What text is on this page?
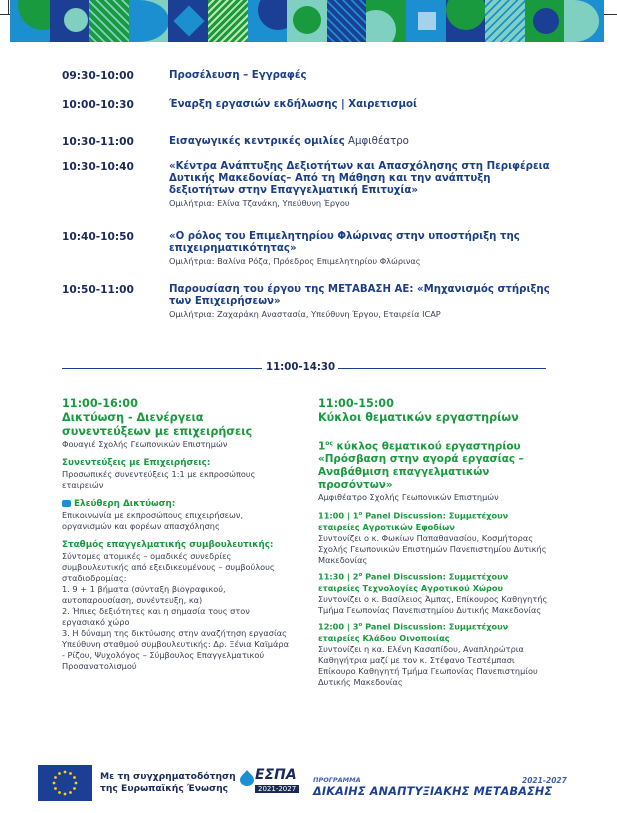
09:30-10:00	Προσέλευση – Εγγραφές
10:00-10:30	Έναρξη εργασιών εκδήλωσης | Χαιρετισμοί
10:30-11:00	Εισαγωγικές κεντρικές ομιλίες Αμφιθέατρο
10:30-10:40	«Κέντρα Ανάπτυξης Δεξιοτήτων και Απασχόλησης στη Περιφέρεια Δυτικής Μακεδονίας– Από τη Μάθηση και την ανάπτυξη δεξιοτήτων στην Επαγγελματική Επιτυχία»
Ομιλήτρια: Ελίνα Τζανάκη, Υπεύθυνη Έργου
10:40-10:50	«Ο ρόλος του Επιμελητηρίου Φλώρινας στην υποστήριξη της επιχειρηματικότητας»
Ομιλήτρια: Βαλίνα Ρόζα, Πρόεδρος Επιμελητηρίου Φλώρινας
10:50-11:00	Παρουσίαση του έργου της ΜΕΤΑΒΑΣΗ ΑΕ: «Μηχανισμός στήριξης των Επιχειρήσεων»
Ομιλήτρια: Ζαχαράκη Αναστασία, Υπεύθυνη Έργου, Εταιρεία ICAP
11:00-14:30
11:00-16:00
Δικτύωση - Διενέργεια συνεντεύξεων με επιχειρήσεις
Φουαγιέ Σχολής Γεωπονικών Επιστημών
Συνεντεύξεις με Επιχειρήσεις:
Προσωπικές συνεντεύξεις 1:1 με εκπροσώπους εταιρειών
Ελεύθερη Δικτύωση:
Επικοινωνία με εκπροσώπους επιχειρήσεων, οργανισμών και φορέων απασχόλησης
Σταθμός επαγγελματικής συμβουλευτικής:
Σύντομες ατομικές – ομαδικές συνεδρίες συμβουλευτικής από εξειδικευμένους – συμβούλους σταδιοδρομίας:
1. 9 + 1 βήματα (σύνταξη βιογραφικού, αυτοπαρουσίαση, συνέντευξη, κα)
2. Ήπιες δεξιότητες και η σημασία τους στον εργασιακό χώρο
3. Η δύναμη της δικτύωσης στην αναζήτηση εργασίας
Υπεύθυνη σταθμού συμβουλευτικής: Δρ. Ξένια Καϊμάρα - Ρίζου, Ψυχολόγος – Σύμβουλος Επαγγελματικού Προσανατολισμού
11:00-15:00
Κύκλοι θεματικών εργαστηρίων
$1^{o\varsigma}$ κύκλος θεματικού εργαστηρίου «Πρόσβαση στην αγορά εργασίας – Αναβάθμιση επαγγελματικών προσόντων»
Αμφιθέατρο Σχολής Γεωπονικών Επιστημών
11:00 | $1^o$ Panel Discussion: Συμμετέχουν εταιρείες Αγροτικών Εφοδίων
Συντονίζει ο κ. Φωκίων Παπαθανασίου, Κοσμήτορας Σχολής Γεωπονικών Επιστημών Πανεπιστημίου Δυτικής Μακεδονίας
11:30 | $2^o$ Panel Discussion: Συμμετέχουν εταιρείες Τεχνολογίες Αγροτικού Χώρου
Συντονίζει ο κ. Βασίλειος Άμπας, Επίκουρος Καθηγητής Τμήμα Γεωπονίας Πανεπιστημίου Δυτικής Μακεδονίας
12:00 | $3^o$ Panel Discussion: Συμμετέχουν εταιρείες Κλάδου Οινοποιίας
Συντονίζει η κα. Ελένη Κασαπίδου, Αναπληρώτρια Καθηγήτρια μαζί με τον κ. Στέφανο Τεστέμπασι Επίκουρο Καθηγητή Τμήμα Γεωπονίας Πανεπιστημίου Δυτικής Μακεδονίας
Με τη συγχρηματοδότηση
της Ευρωπαϊκής Ένωσης
ΕΣΠΑ
2021-2027
ΠΡΟΓΡΑΜΜΑ	2021-2027
ΔΙΚΑΙΗΣ ΑΝΑΠΤΥΞΙΑΚΗΣ ΜΕΤΑΒΑΣΗΣ
